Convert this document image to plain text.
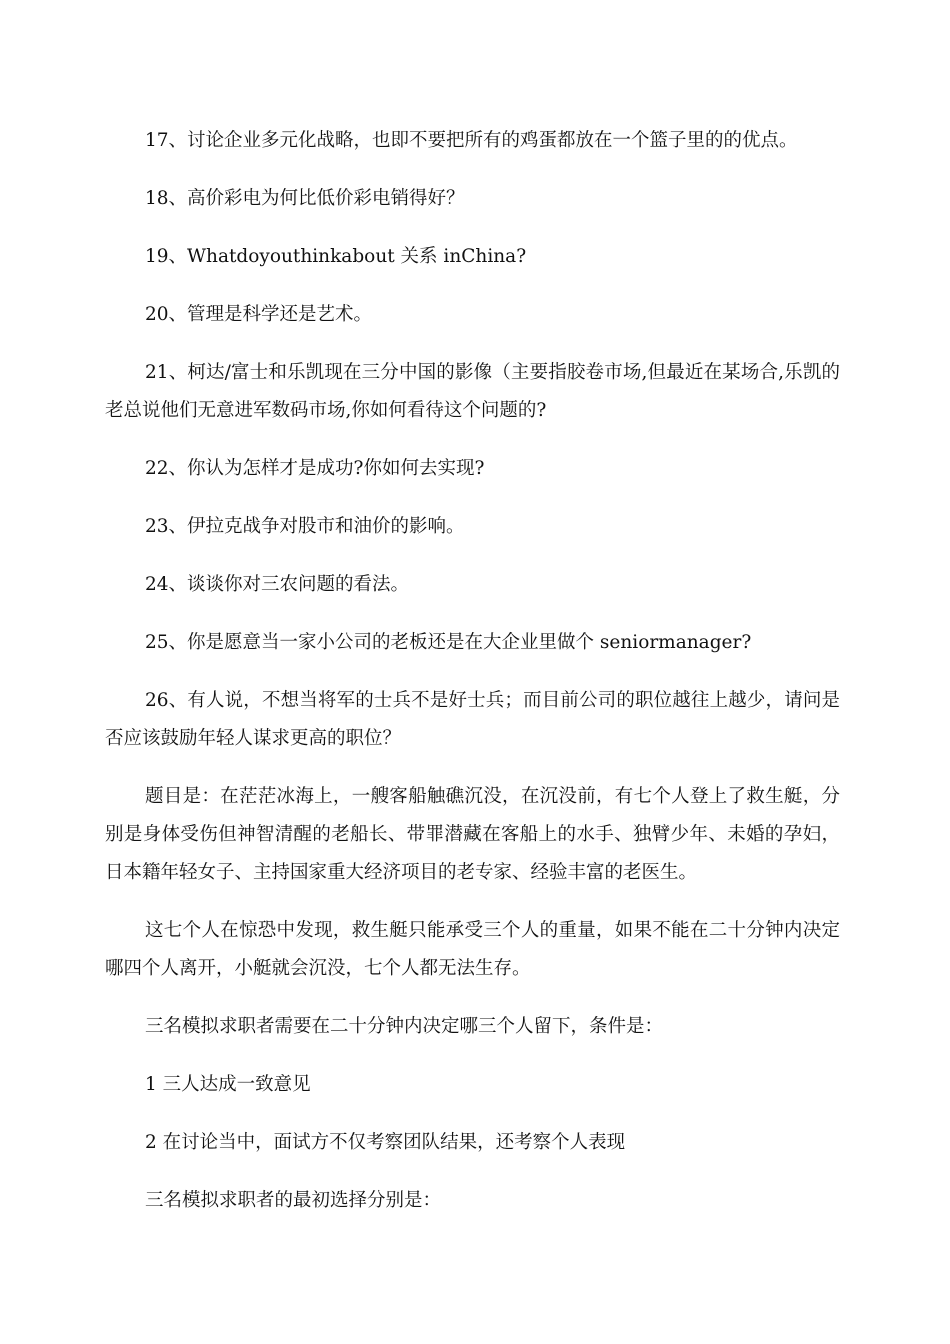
17、讨论企业多元化战略，也即不要把所有的鸡蛋都放在一个篮子里的的优点。

18、高价彩电为何比低价彩电销得好？

19、Whatdoyouthinkabout 关系 inChina?

20、管理是科学还是艺术。

21、柯达/富士和乐凯现在三分中国的影像（主要指胶卷市场,但最近在某场合,乐凯的老总说他们无意进军数码市场,你如何看待这个问题的?

22、你认为怎样才是成功?你如何去实现?

23、伊拉克战争对股市和油价的影响。

24、谈谈你对三农问题的看法。

25、你是愿意当一家小公司的老板还是在大企业里做个 seniormanager?

26、有人说，不想当将军的士兵不是好士兵；而目前公司的职位越往上越少，请问是否应该鼓励年轻人谋求更高的职位？

题目是：在茫茫冰海上，一艘客船触礁沉没，在沉没前，有七个人登上了救生艇，分别是身体受伤但神智清醒的老船长、带罪潜藏在客船上的水手、独臂少年、未婚的孕妇，日本籍年轻女子、主持国家重大经济项目的老专家、经验丰富的老医生。

这七个人在惊恐中发现，救生艇只能承受三个人的重量，如果不能在二十分钟内决定哪四个人离开，小艇就会沉没，七个人都无法生存。

三名模拟求职者需要在二十分钟内决定哪三个人留下，条件是：

1 三人达成一致意见

2 在讨论当中，面试方不仅考察团队结果，还考察个人表现

三名模拟求职者的最初选择分别是：
